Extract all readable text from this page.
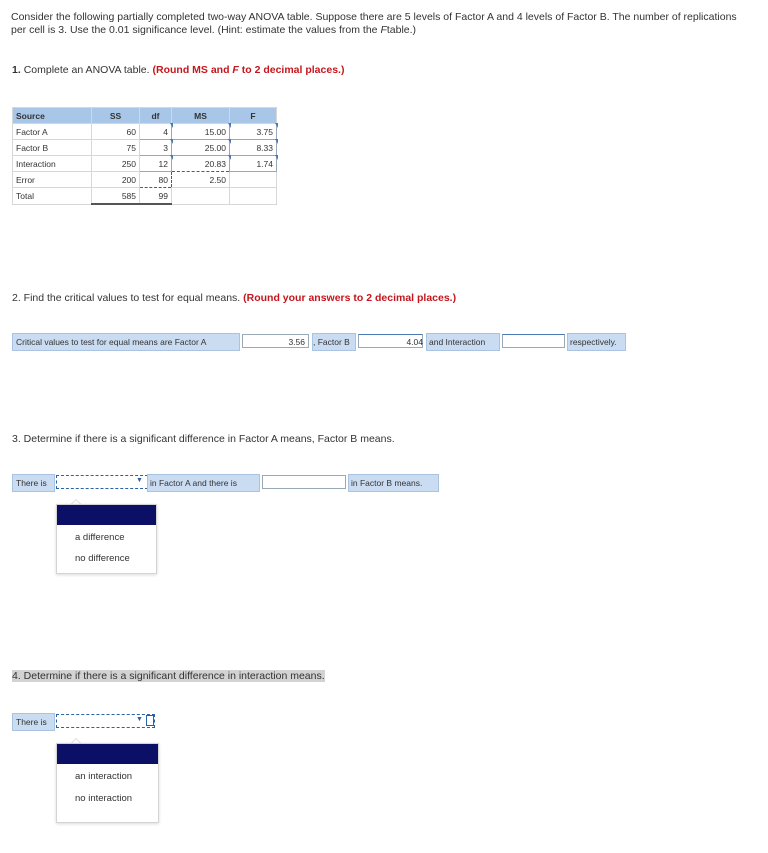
Consider the following partially completed two-way ANOVA table. Suppose there are 5 levels of Factor A and 4 levels of Factor B. The number of replications per cell is 3. Use the 0.01 significance level. (Hint: estimate the values from the Ftable.)
1. Complete an ANOVA table. (Round MS and F to 2 decimal places.)
Source	SS	df	MS	F
Factor A	60	4	15.00	3.75
Factor B	75	3	25.00	8.33
Interaction	250	12	20.83	1.74
Error	200	80	2.50	
Total	585	99		
2. Find the critical values to test for equal means. (Round your answers to 2 decimal places.)
Critical values to test for equal means are Factor A	3.56 , Factor B	4.04 and Interaction	respectively.
3. Determine if there is a significant difference in Factor A means, Factor B means.
There is	▼ in Factor A and there is	in Factor B means.
a difference
no difference
4. Determine if there is a significant difference in interaction means.
There is	▼
an interaction
no interaction
